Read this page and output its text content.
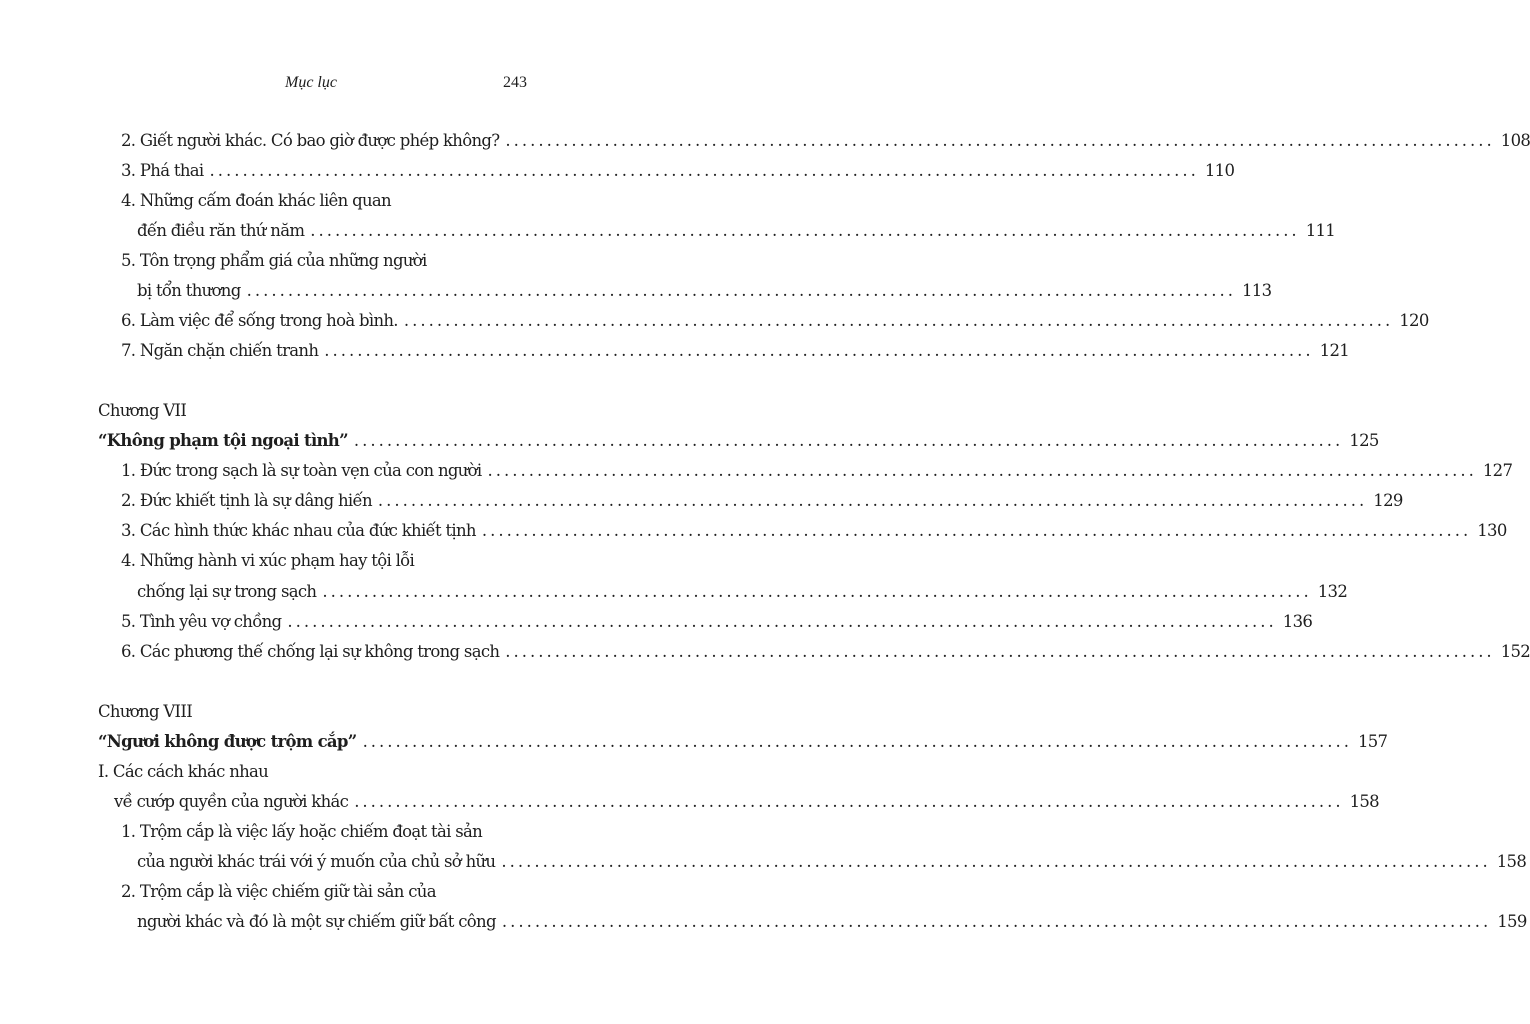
Mục lục	243
2. Giết người khác. Có bao giờ được phép không? ........................................................................................................................ 108
3. Phá thai ........................................................................................................................ 110
4. Những cấm đoán khác liên quan
đến điều răn thứ năm ........................................................................................................................ 111
5. Tôn trọng phẩm giá của những người
bị tổn thương ........................................................................................................................ 113
6. Làm việc để sống trong hoà bình. ........................................................................................................................ 120
7. Ngăn chặn chiến tranh ........................................................................................................................ 121
Chương VII
“Không phạm tội ngoại tình” ........................................................................................................................ 125
1. Đức trong sạch là sự toàn vẹn của con người ........................................................................................................................ 127
2. Đức khiết tịnh là sự dâng hiến ........................................................................................................................ 129
3. Các hình thức khác nhau của đức khiết tịnh ........................................................................................................................ 130
4. Những hành vi xúc phạm hay tội lỗi
chống lại sự trong sạch ........................................................................................................................ 132
5. Tình yêu vợ chồng ........................................................................................................................ 136
6. Các phương thế chống lại sự không trong sạch ........................................................................................................................ 152
Chương VIII
“Ngươi không được trộm cắp” ........................................................................................................................ 157
I. Các cách khác nhau
về cướp quyền của người khác ........................................................................................................................ 158
1. Trộm cắp là việc lấy hoặc chiếm đoạt tài sản
của người khác trái với ý muốn của chủ sở hữu ........................................................................................................................ 158
2. Trộm cắp là việc chiếm giữ tài sản của
người khác và đó là một sự chiếm giữ bất công ........................................................................................................................ 159
